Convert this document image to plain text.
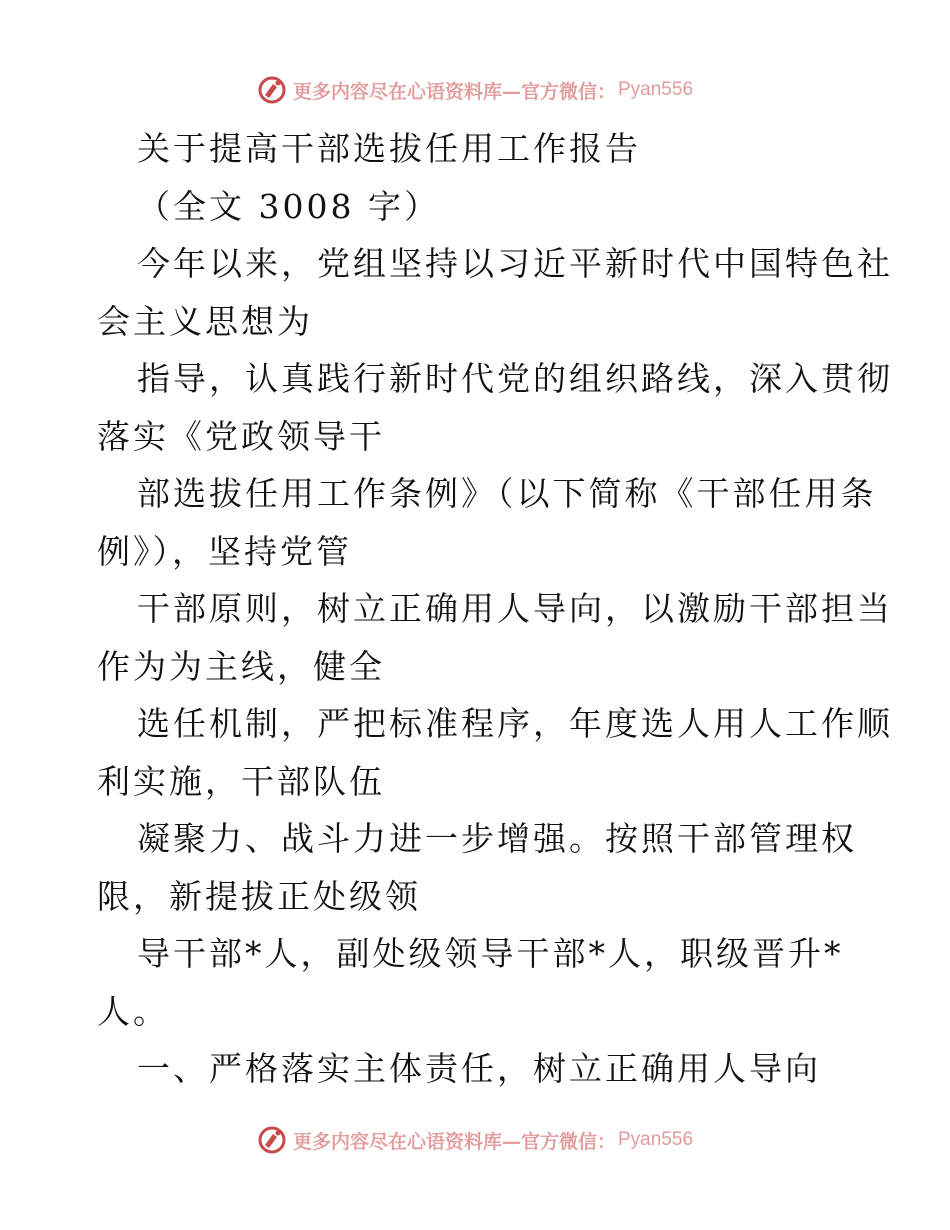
更多内容尽在心语资料库—官方微信： Pyan556
关于提高干部选拔任用工作报告
（全文 3008 字）
今年以来，党组坚持以习近平新时代中国特色社
会主义思想为
指导，认真践行新时代党的组织路线，深入贯彻
落实《党政领导干
部选拔任用工作条例》（以下简称《干部任用条
例》），坚持党管
干部原则，树立正确用人导向，以激励干部担当
作为为主线，健全
选任机制，严把标准程序，年度选人用人工作顺
利实施，干部队伍
凝聚力、战斗力进一步增强。按照干部管理权
限，新提拔正处级领
导干部*人，副处级领导干部*人，职级晋升*
人。
一、严格落实主体责任，树立正确用人导向
更多内容尽在心语资料库—官方微信： Pyan556
